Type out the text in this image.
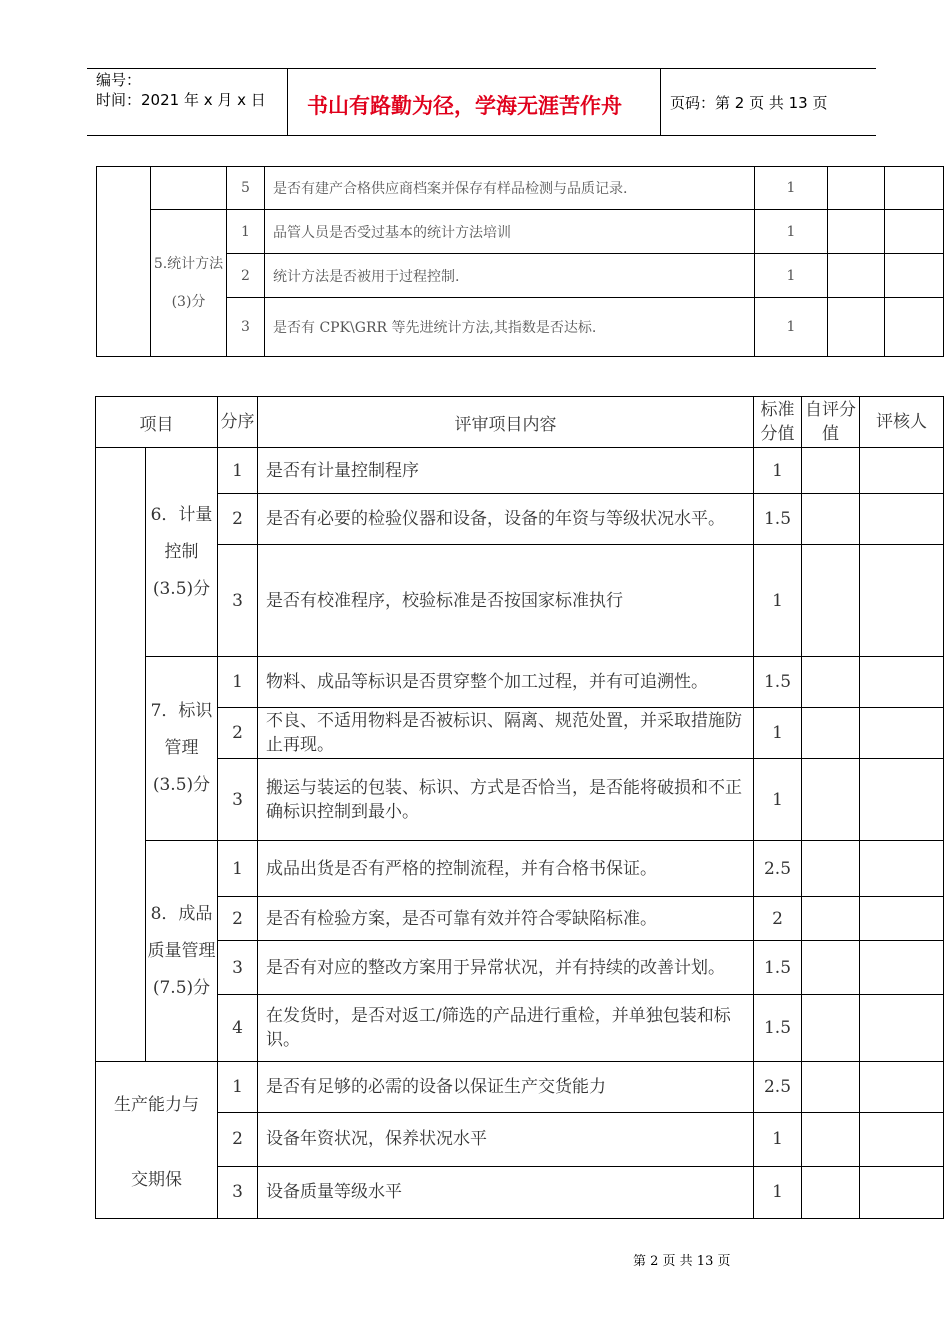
编号：
时间：2021 年 x 月 x 日 书山有路勤为径，学海无涯苦作舟	页码：第 2 页 共 13 页
		5	是否有建产合格供应商档案并保存有样品检测与品质记录.	1		
	5.统计方法(3)分	1	品管人员是否受过基本的统计方法培训	1		
		2	统计方法是否被用于过程控制.	1		
		3	是否有 CPK\GRR 等先进统计方法,其指数是否达标.	1		
项目		分序	评审项目内容	标准分值	自评分值	评核人
	6．计量控制(3.5)分	1	是否有计量控制程序	1		
		2	是否有必要的检验仪器和设备，设备的年资与等级状况水平。	1.5		
		3	是否有校准程序，校验标准是否按国家标准执行	1		
	7．标识管理(3.5)分	1	物料、成品等标识是否贯穿整个加工过程，并有可追溯性。	1.5		
		2	不良、不适用物料是否被标识、隔离、规范处置，并采取措施防止再现。	1		
		3	搬运与装运的包装、标识、方式是否恰当，是否能将破损和不正确标识控制到最小。	1		
	8．成品质量管理(7.5)分	1	成品出货是否有严格的控制流程，并有合格书保证。	2.5		
		2	是否有检验方案，是否可靠有效并符合零缺陷标准。	2		
		3	是否有对应的整改方案用于异常状况，并有持续的改善计划。	1.5		
		4	在发货时，是否对返工/筛选的产品进行重检，并单独包装和标识。	1.5		
生产能力与交期保		1	是否有足够的必需的设备以保证生产交货能力	2.5		
		2	设备年资状况，保养状况水平	1		
		3	设备质量等级水平	1		
第 2 页 共 13 页
